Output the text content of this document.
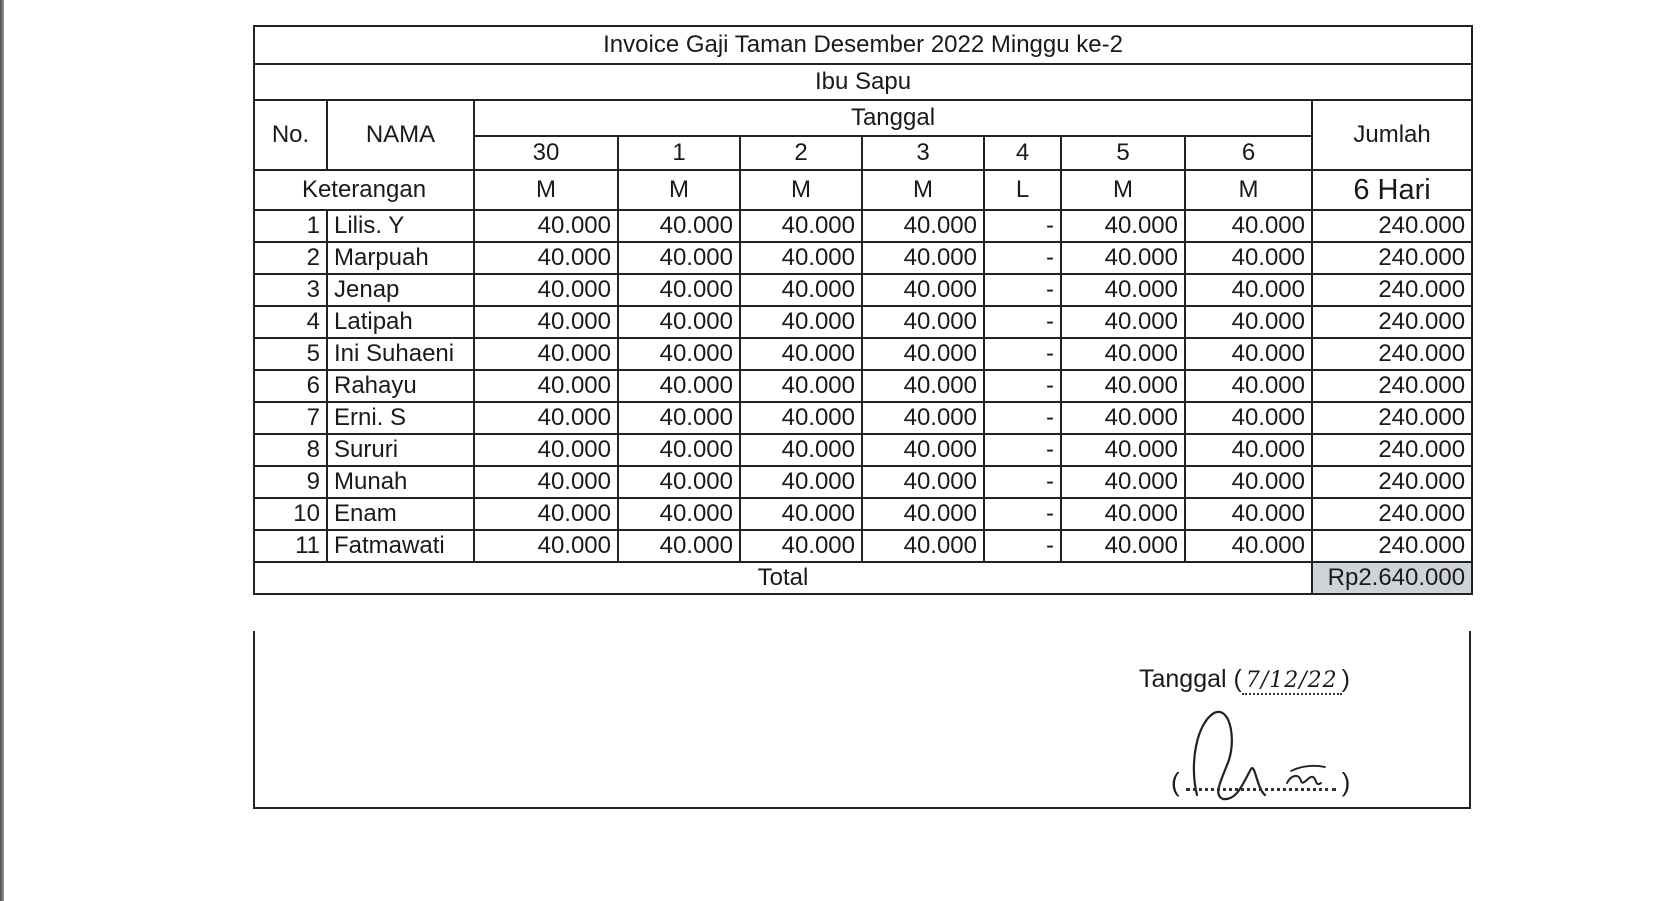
Invoice Gaji Taman Desember 2022 Minggu ke-2									
Ibu Sapu									
No.	NAMA	Tanggal							Jumlah
		30	1	2	3	4	5	6	
Keterangan		M	M	M	M	L	M	M	6 Hari
1	Lilis. Y	40.000	40.000	40.000	40.000	-	40.000	40.000	240.000
2	Marpuah	40.000	40.000	40.000	40.000	-	40.000	40.000	240.000
3	Jenap	40.000	40.000	40.000	40.000	-	40.000	40.000	240.000
4	Latipah	40.000	40.000	40.000	40.000	-	40.000	40.000	240.000
5	Ini Suhaeni	40.000	40.000	40.000	40.000	-	40.000	40.000	240.000
6	Rahayu	40.000	40.000	40.000	40.000	-	40.000	40.000	240.000
7	Erni. S	40.000	40.000	40.000	40.000	-	40.000	40.000	240.000
8	Sururi	40.000	40.000	40.000	40.000	-	40.000	40.000	240.000
9	Munah	40.000	40.000	40.000	40.000	-	40.000	40.000	240.000
10	Enam	40.000	40.000	40.000	40.000	-	40.000	40.000	240.000
11	Fatmawati	40.000	40.000	40.000	40.000	-	40.000	40.000	240.000
Total									Rp2.640.000
Tanggal ( 7/12/22 )
(	)
